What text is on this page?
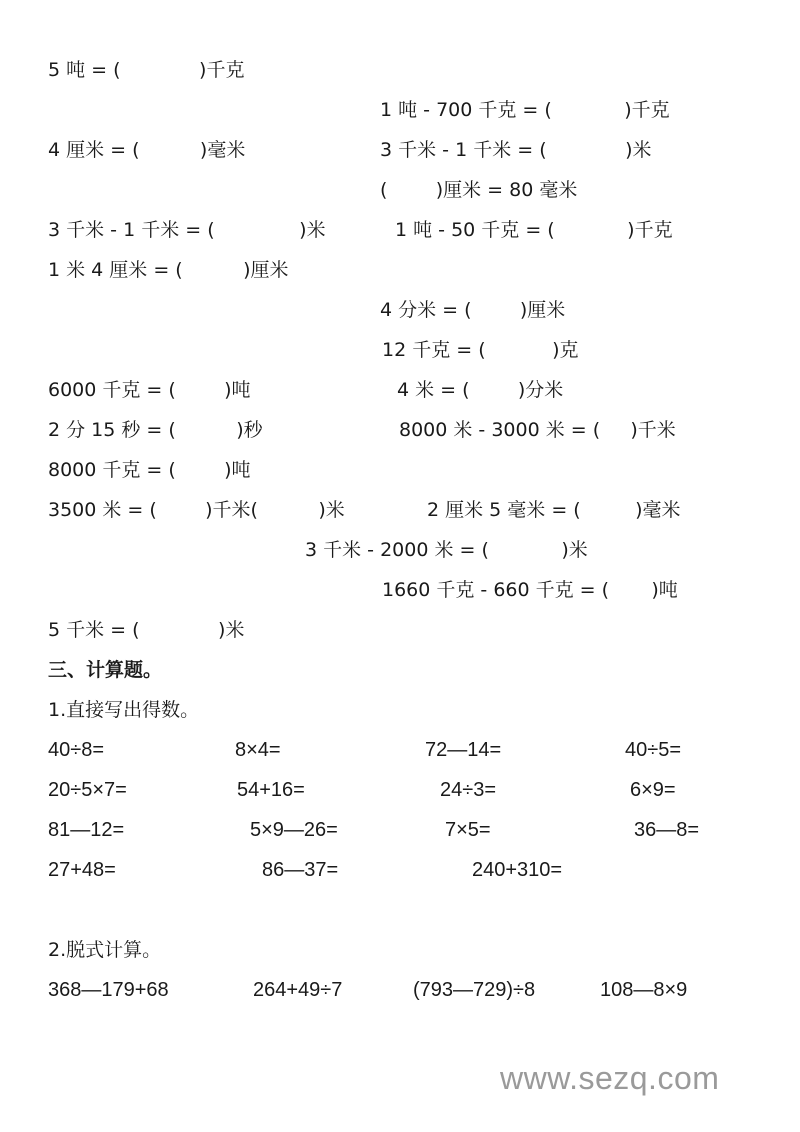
5 吨 = (             )千克
1 吨 - 700 千克 = (            )千克
4 厘米 = (          )毫米	3 千米 - 1 千米 = (             )米
(        )厘米 = 80 毫米
3 千米 - 1 千米 = (              )米	1 吨 - 50 千克 = (            )千克
1 米 4 厘米 = (          )厘米
4 分米 = (        )厘米
12 千克 = (           )克
6000 千克 = (        )吨	4 米 = (        )分米
2 分 15 秒 = (          )秒	8000 米 - 3000 米 = (     )千米
8000 千克 = (        )吨
3500 米 = (        )千米(          )米	2 厘米 5 毫米 = (         )毫米
3 千米 - 2000 米 = (            )米
1660 千克 - 660 千克 = (       )吨
5 千米 = (             )米
三、计算题。
1.直接写出得数。
40÷8=	8×4=	72—14=	40÷5=
20÷5×7=	54+16=	24÷3=	6×9=
81—12=	5×9—26=	7×5=	36—8=
27+48=	86—37=	240+310=
2.脱式计算。
368—179+68	264+49÷7	(793—729)÷8	108—8×9
www.sezq.com
